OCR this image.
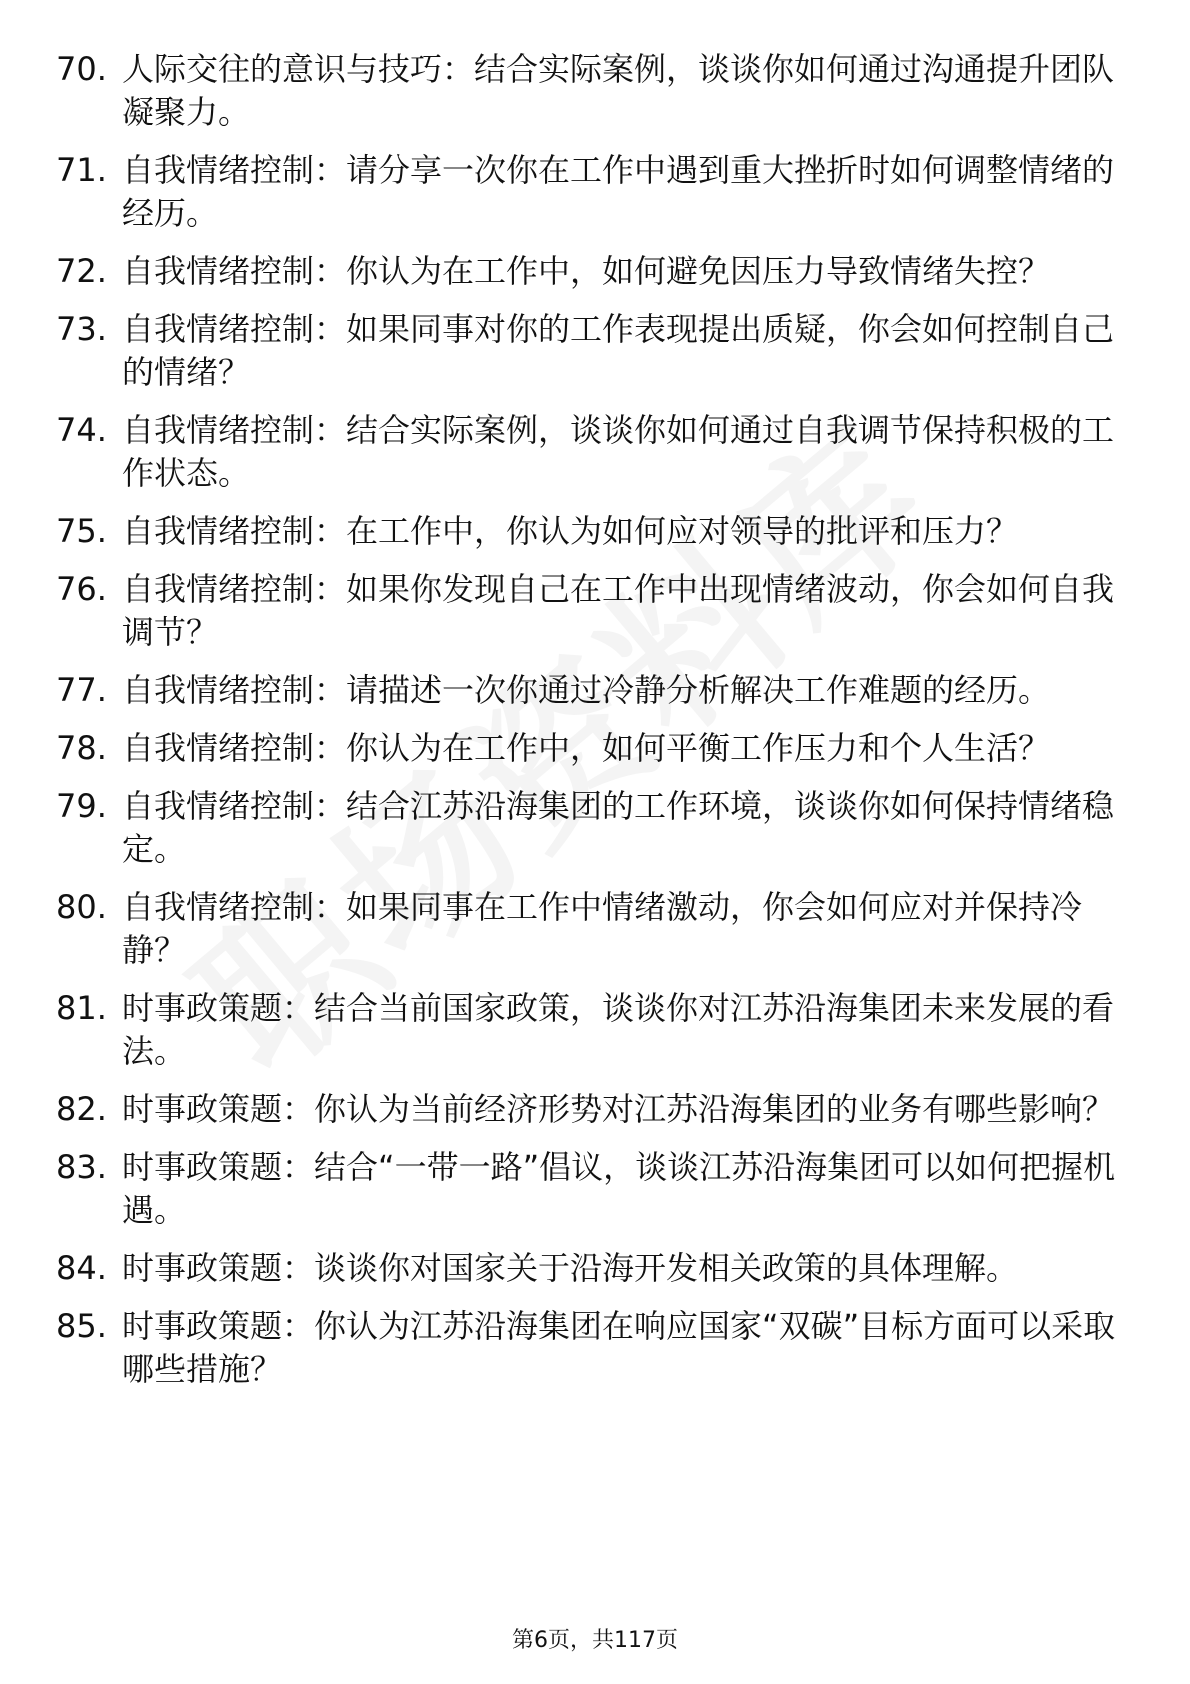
70. 人际交往的意识与技巧：结合实际案例，谈谈你如何通过沟通提升团队凝聚力。
71. 自我情绪控制：请分享一次你在工作中遇到重大挫折时如何调整情绪的经历。
72. 自我情绪控制：你认为在工作中，如何避免因压力导致情绪失控？
73. 自我情绪控制：如果同事对你的工作表现提出质疑，你会如何控制自己的情绪？
74. 自我情绪控制：结合实际案例，谈谈你如何通过自我调节保持积极的工作状态。
75. 自我情绪控制：在工作中，你认为如何应对领导的批评和压力？
76. 自我情绪控制：如果你发现自己在工作中出现情绪波动，你会如何自我调节？
77. 自我情绪控制：请描述一次你通过冷静分析解决工作难题的经历。
78. 自我情绪控制：你认为在工作中，如何平衡工作压力和个人生活？
79. 自我情绪控制：结合江苏沿海集团的工作环境，谈谈你如何保持情绪稳定。
80. 自我情绪控制：如果同事在工作中情绪激动，你会如何应对并保持冷静？
81. 时事政策题：结合当前国家政策，谈谈你对江苏沿海集团未来发展的看法。
82. 时事政策题：你认为当前经济形势对江苏沿海集团的业务有哪些影响？
83. 时事政策题：结合“一带一路”倡议，谈谈江苏沿海集团可以如何把握机遇。
84. 时事政策题：谈谈你对国家关于沿海开发相关政策的具体理解。
85. 时事政策题：你认为江苏沿海集团在响应国家“双碳”目标方面可以采取哪些措施？
第6页，共117页
